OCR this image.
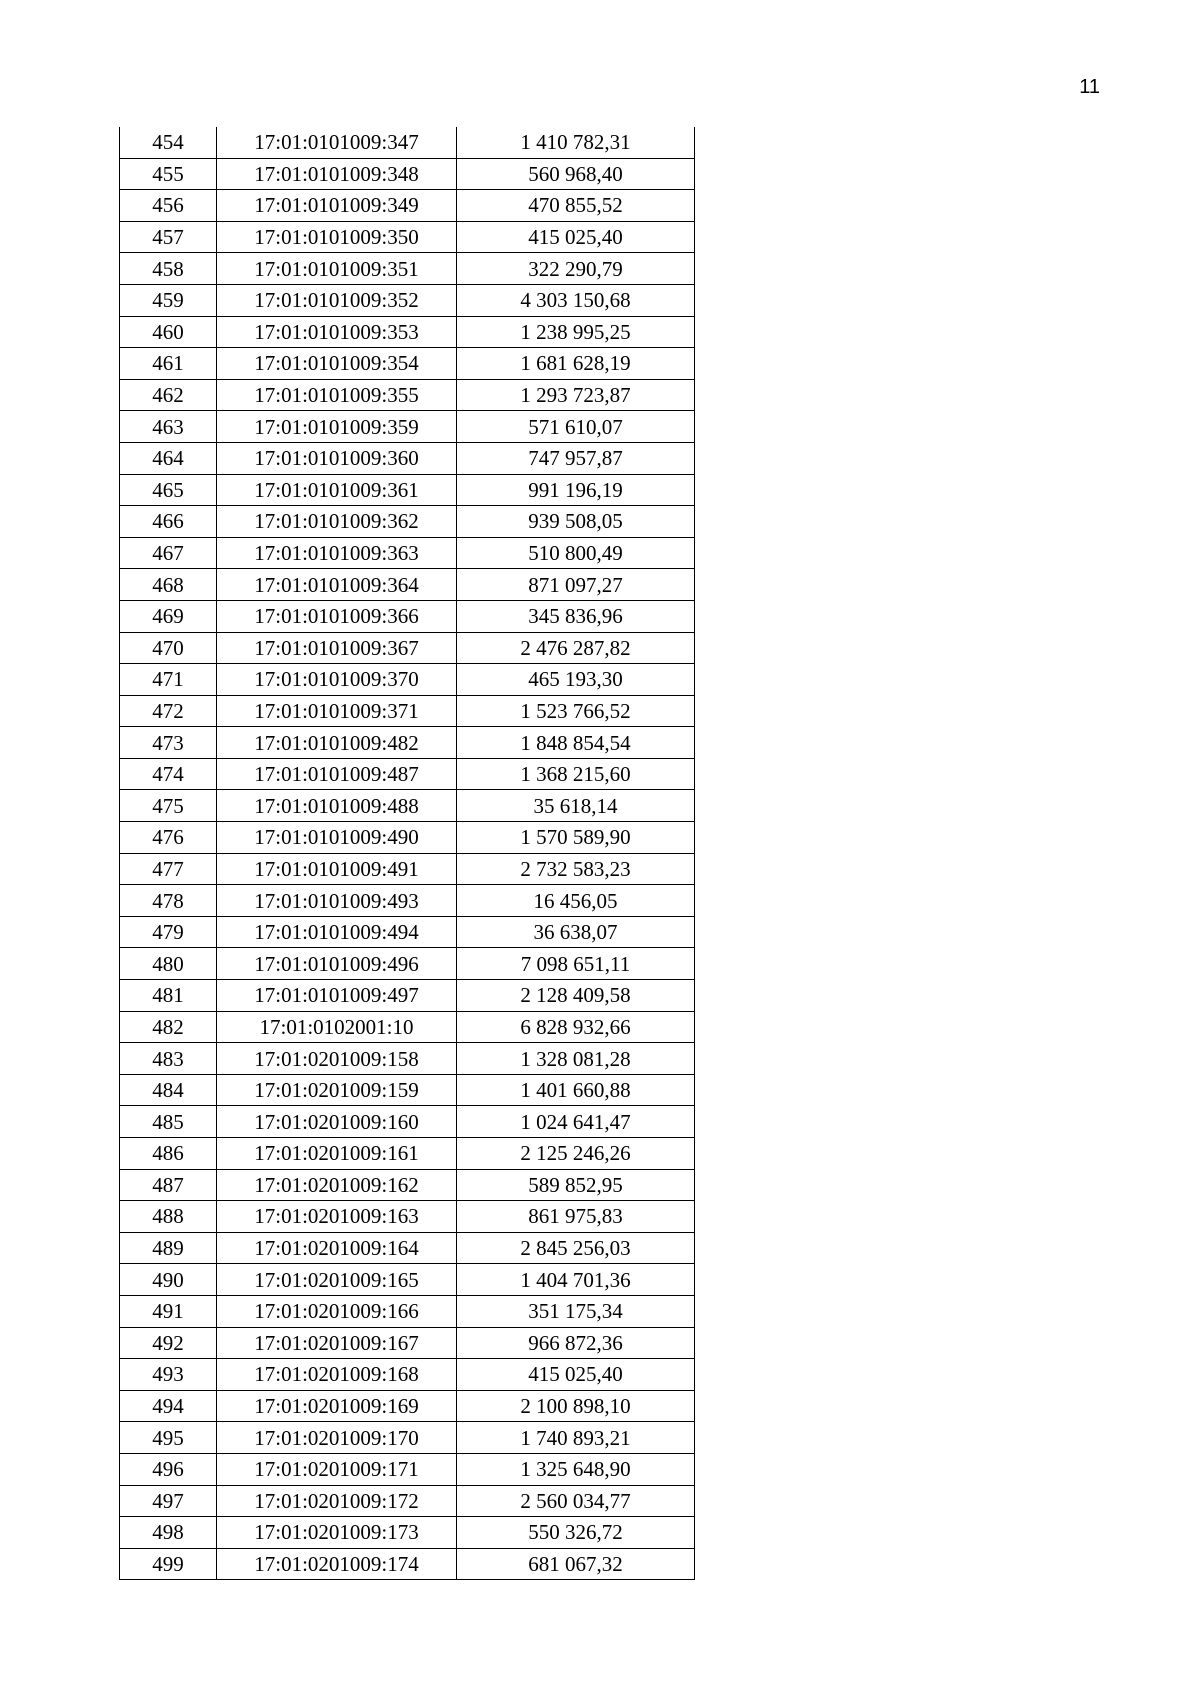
11
454	17:01:0101009:347	1 410 782,31
455	17:01:0101009:348	560 968,40
456	17:01:0101009:349	470 855,52
457	17:01:0101009:350	415 025,40
458	17:01:0101009:351	322 290,79
459	17:01:0101009:352	4 303 150,68
460	17:01:0101009:353	1 238 995,25
461	17:01:0101009:354	1 681 628,19
462	17:01:0101009:355	1 293 723,87
463	17:01:0101009:359	571 610,07
464	17:01:0101009:360	747 957,87
465	17:01:0101009:361	991 196,19
466	17:01:0101009:362	939 508,05
467	17:01:0101009:363	510 800,49
468	17:01:0101009:364	871 097,27
469	17:01:0101009:366	345 836,96
470	17:01:0101009:367	2 476 287,82
471	17:01:0101009:370	465 193,30
472	17:01:0101009:371	1 523 766,52
473	17:01:0101009:482	1 848 854,54
474	17:01:0101009:487	1 368 215,60
475	17:01:0101009:488	35 618,14
476	17:01:0101009:490	1 570 589,90
477	17:01:0101009:491	2 732 583,23
478	17:01:0101009:493	16 456,05
479	17:01:0101009:494	36 638,07
480	17:01:0101009:496	7 098 651,11
481	17:01:0101009:497	2 128 409,58
482	17:01:0102001:10	6 828 932,66
483	17:01:0201009:158	1 328 081,28
484	17:01:0201009:159	1 401 660,88
485	17:01:0201009:160	1 024 641,47
486	17:01:0201009:161	2 125 246,26
487	17:01:0201009:162	589 852,95
488	17:01:0201009:163	861 975,83
489	17:01:0201009:164	2 845 256,03
490	17:01:0201009:165	1 404 701,36
491	17:01:0201009:166	351 175,34
492	17:01:0201009:167	966 872,36
493	17:01:0201009:168	415 025,40
494	17:01:0201009:169	2 100 898,10
495	17:01:0201009:170	1 740 893,21
496	17:01:0201009:171	1 325 648,90
497	17:01:0201009:172	2 560 034,77
498	17:01:0201009:173	550 326,72
499	17:01:0201009:174	681 067,32
